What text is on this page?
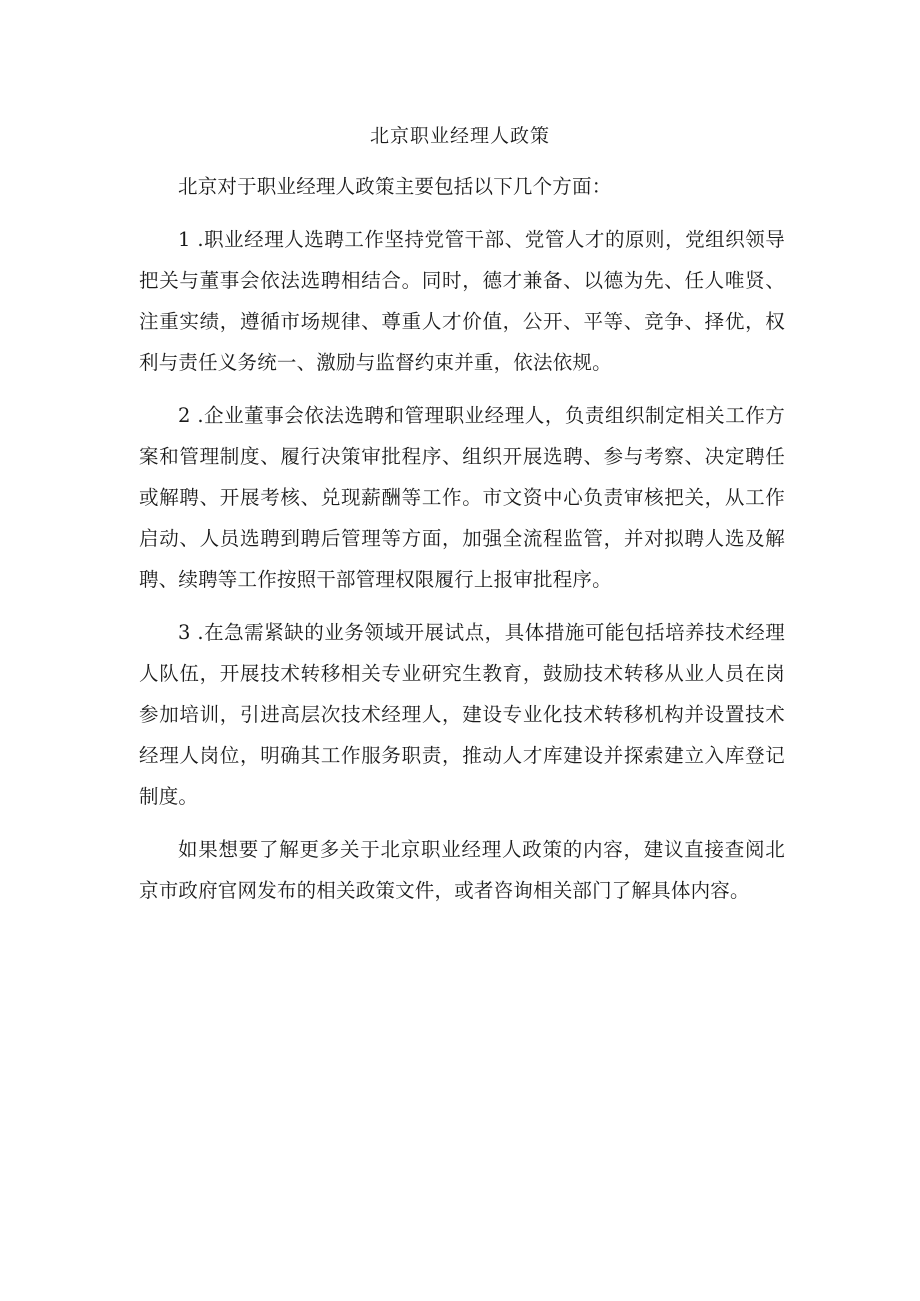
北京职业经理人政策

北京对于职业经理人政策主要包括以下几个方面：

1 .职业经理人选聘工作坚持党管干部、党管人才的原则，党组织领导把关与董事会依法选聘相结合。同时，德才兼备、以德为先、任人唯贤、注重实绩，遵循市场规律、尊重人才价值，公开、平等、竞争、择优，权利与责任义务统一、激励与监督约束并重，依法依规。

2 .企业董事会依法选聘和管理职业经理人，负责组织制定相关工作方案和管理制度、履行决策审批程序、组织开展选聘、参与考察、决定聘任或解聘、开展考核、兑现薪酬等工作。市文资中心负责审核把关，从工作启动、人员选聘到聘后管理等方面，加强全流程监管，并对拟聘人选及解聘、续聘等工作按照干部管理权限履行上报审批程序。

3 .在急需紧缺的业务领域开展试点，具体措施可能包括培养技术经理人队伍，开展技术转移相关专业研究生教育，鼓励技术转移从业人员在岗参加培训，引进高层次技术经理人，建设专业化技术转移机构并设置技术经理人岗位，明确其工作服务职责，推动人才库建设并探索建立入库登记制度。

如果想要了解更多关于北京职业经理人政策的内容，建议直接查阅北京市政府官网发布的相关政策文件，或者咨询相关部门了解具体内容。
